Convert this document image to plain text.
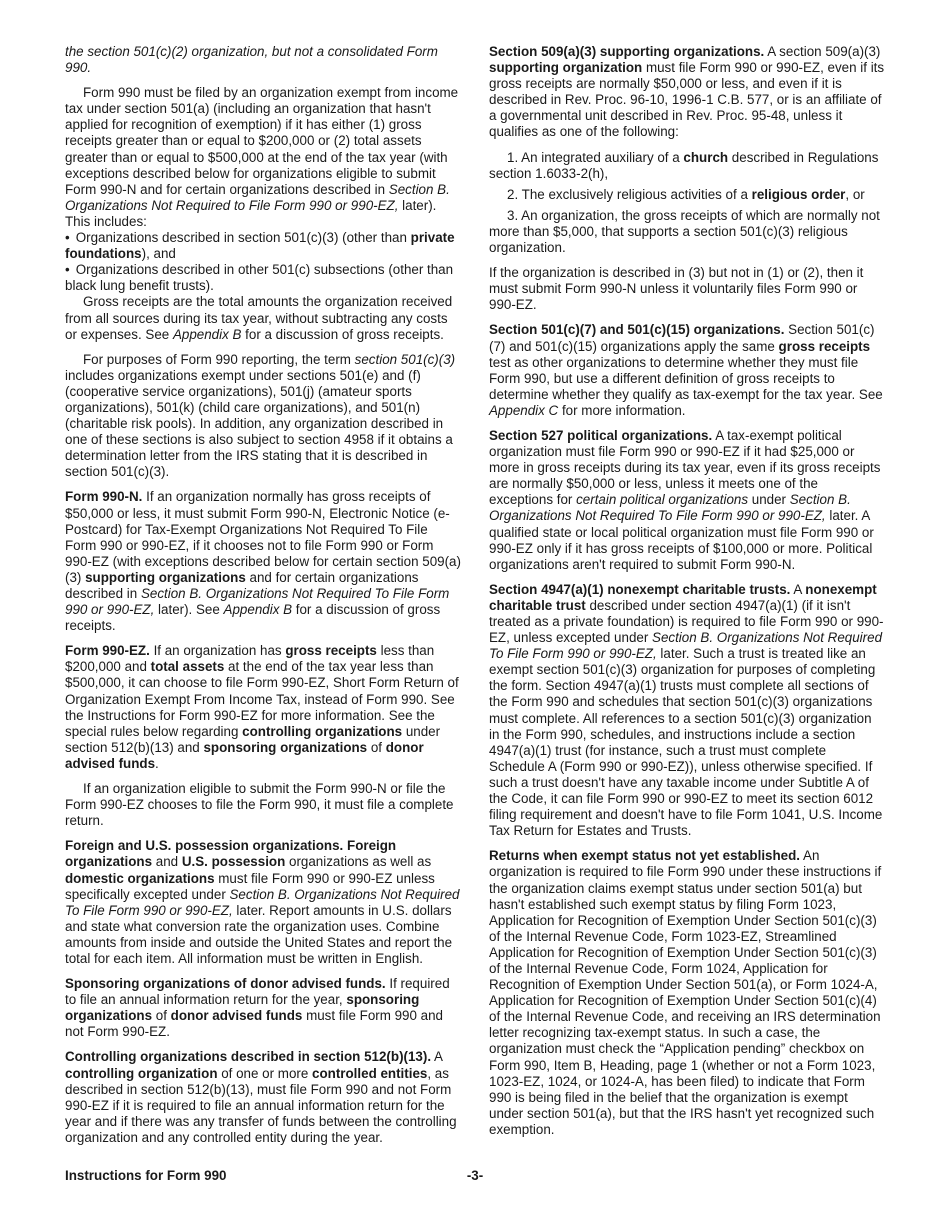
the section 501(c)(2) organization, but not a consolidated Form 990.

Form 990 must be filed by an organization exempt from income tax under section 501(a) (including an organization that hasn't applied for recognition of exemption) if it has either (1) gross receipts greater than or equal to $200,000 or (2) total assets greater than or equal to $500,000 at the end of the tax year (with exceptions described below for organizations eligible to submit Form 990-N and for certain organizations described in Section B. Organizations Not Required to File Form 990 or 990-EZ, later). This includes:

• Organizations described in section 501(c)(3) (other than private foundations), and

• Organizations described in other 501(c) subsections (other than black lung benefit trusts).

Gross receipts are the total amounts the organization received from all sources during its tax year, without subtracting any costs or expenses. See Appendix B for a discussion of gross receipts.

For purposes of Form 990 reporting, the term section 501(c)(3) includes organizations exempt under sections 501(e) and (f) (cooperative service organizations), 501(j) (amateur sports organizations), 501(k) (child care organizations), and 501(n) (charitable risk pools). In addition, any organization described in one of these sections is also subject to section 4958 if it obtains a determination letter from the IRS stating that it is described in section 501(c)(3).

Form 990-N. If an organization normally has gross receipts of $50,000 or less, it must submit Form 990-N, Electronic Notice (e-Postcard) for Tax-Exempt Organizations Not Required To File Form 990 or 990-EZ, if it chooses not to file Form 990 or Form 990-EZ (with exceptions described below for certain section 509(a)(3) supporting organizations and for certain organizations described in Section B. Organizations Not Required To File Form 990 or 990-EZ, later). See Appendix B for a discussion of gross receipts.

Form 990-EZ. If an organization has gross receipts less than $200,000 and total assets at the end of the tax year less than $500,000, it can choose to file Form 990-EZ, Short Form Return of Organization Exempt From Income Tax, instead of Form 990. See the Instructions for Form 990-EZ for more information. See the special rules below regarding controlling organizations under section 512(b)(13) and sponsoring organizations of donor advised funds.

If an organization eligible to submit the Form 990-N or file the Form 990-EZ chooses to file the Form 990, it must file a complete return.

Foreign and U.S. possession organizations. Foreign organizations and U.S. possession organizations as well as domestic organizations must file Form 990 or 990-EZ unless specifically excepted under Section B. Organizations Not Required To File Form 990 or 990-EZ, later. Report amounts in U.S. dollars and state what conversion rate the organization uses. Combine amounts from inside and outside the United States and report the total for each item. All information must be written in English.

Sponsoring organizations of donor advised funds. If required to file an annual information return for the year, sponsoring organizations of donor advised funds must file Form 990 and not Form 990-EZ.

Controlling organizations described in section 512(b)(13). A controlling organization of one or more controlled entities, as described in section 512(b)(13), must file Form 990 and not Form 990-EZ if it is required to file an annual information return for the year and if there was any transfer of funds between the controlling organization and any controlled entity during the year.

Section 509(a)(3) supporting organizations. A section 509(a)(3) supporting organization must file Form 990 or 990-EZ, even if its gross receipts are normally $50,000 or less, and even if it is described in Rev. Proc. 96-10, 1996-1 C.B. 577, or is an affiliate of a governmental unit described in Rev. Proc. 95-48, unless it qualifies as one of the following:

1. An integrated auxiliary of a church described in Regulations section 1.6033-2(h),

2. The exclusively religious activities of a religious order, or

3. An organization, the gross receipts of which are normally not more than $5,000, that supports a section 501(c)(3) religious organization.

If the organization is described in (3) but not in (1) or (2), then it must submit Form 990-N unless it voluntarily files Form 990 or 990-EZ.

Section 501(c)(7) and 501(c)(15) organizations. Section 501(c)(7) and 501(c)(15) organizations apply the same gross receipts test as other organizations to determine whether they must file Form 990, but use a different definition of gross receipts to determine whether they qualify as tax-exempt for the tax year. See Appendix C for more information.

Section 527 political organizations. A tax-exempt political organization must file Form 990 or 990-EZ if it had $25,000 or more in gross receipts during its tax year, even if its gross receipts are normally $50,000 or less, unless it meets one of the exceptions for certain political organizations under Section B. Organizations Not Required To File Form 990 or 990-EZ, later. A qualified state or local political organization must file Form 990 or 990-EZ only if it has gross receipts of $100,000 or more. Political organizations aren't required to submit Form 990-N.

Section 4947(a)(1) nonexempt charitable trusts. A nonexempt charitable trust described under section 4947(a)(1) (if it isn't treated as a private foundation) is required to file Form 990 or 990-EZ, unless excepted under Section B. Organizations Not Required To File Form 990 or 990-EZ, later. Such a trust is treated like an exempt section 501(c)(3) organization for purposes of completing the form. Section 4947(a)(1) trusts must complete all sections of the Form 990 and schedules that section 501(c)(3) organizations must complete. All references to a section 501(c)(3) organization in the Form 990, schedules, and instructions include a section 4947(a)(1) trust (for instance, such a trust must complete Schedule A (Form 990 or 990-EZ)), unless otherwise specified. If such a trust doesn't have any taxable income under Subtitle A of the Code, it can file Form 990 or 990-EZ to meet its section 6012 filing requirement and doesn't have to file Form 1041, U.S. Income Tax Return for Estates and Trusts.

Returns when exempt status not yet established. An organization is required to file Form 990 under these instructions if the organization claims exempt status under section 501(a) but hasn't established such exempt status by filing Form 1023, Application for Recognition of Exemption Under Section 501(c)(3) of the Internal Revenue Code, Form 1023-EZ, Streamlined Application for Recognition of Exemption Under Section 501(c)(3) of the Internal Revenue Code, Form 1024, Application for Recognition of Exemption Under Section 501(a), or Form 1024-A, Application for Recognition of Exemption Under Section 501(c)(4) of the Internal Revenue Code, and receiving an IRS determination letter recognizing tax-exempt status. In such a case, the organization must check the “Application pending” checkbox on Form 990, Item B, Heading, page 1 (whether or not a Form 1023, 1023-EZ, 1024, or 1024-A, has been filed) to indicate that Form 990 is being filed in the belief that the organization is exempt under section 501(a), but that the IRS hasn't yet recognized such exemption.

Instructions for Form 990	-3-
